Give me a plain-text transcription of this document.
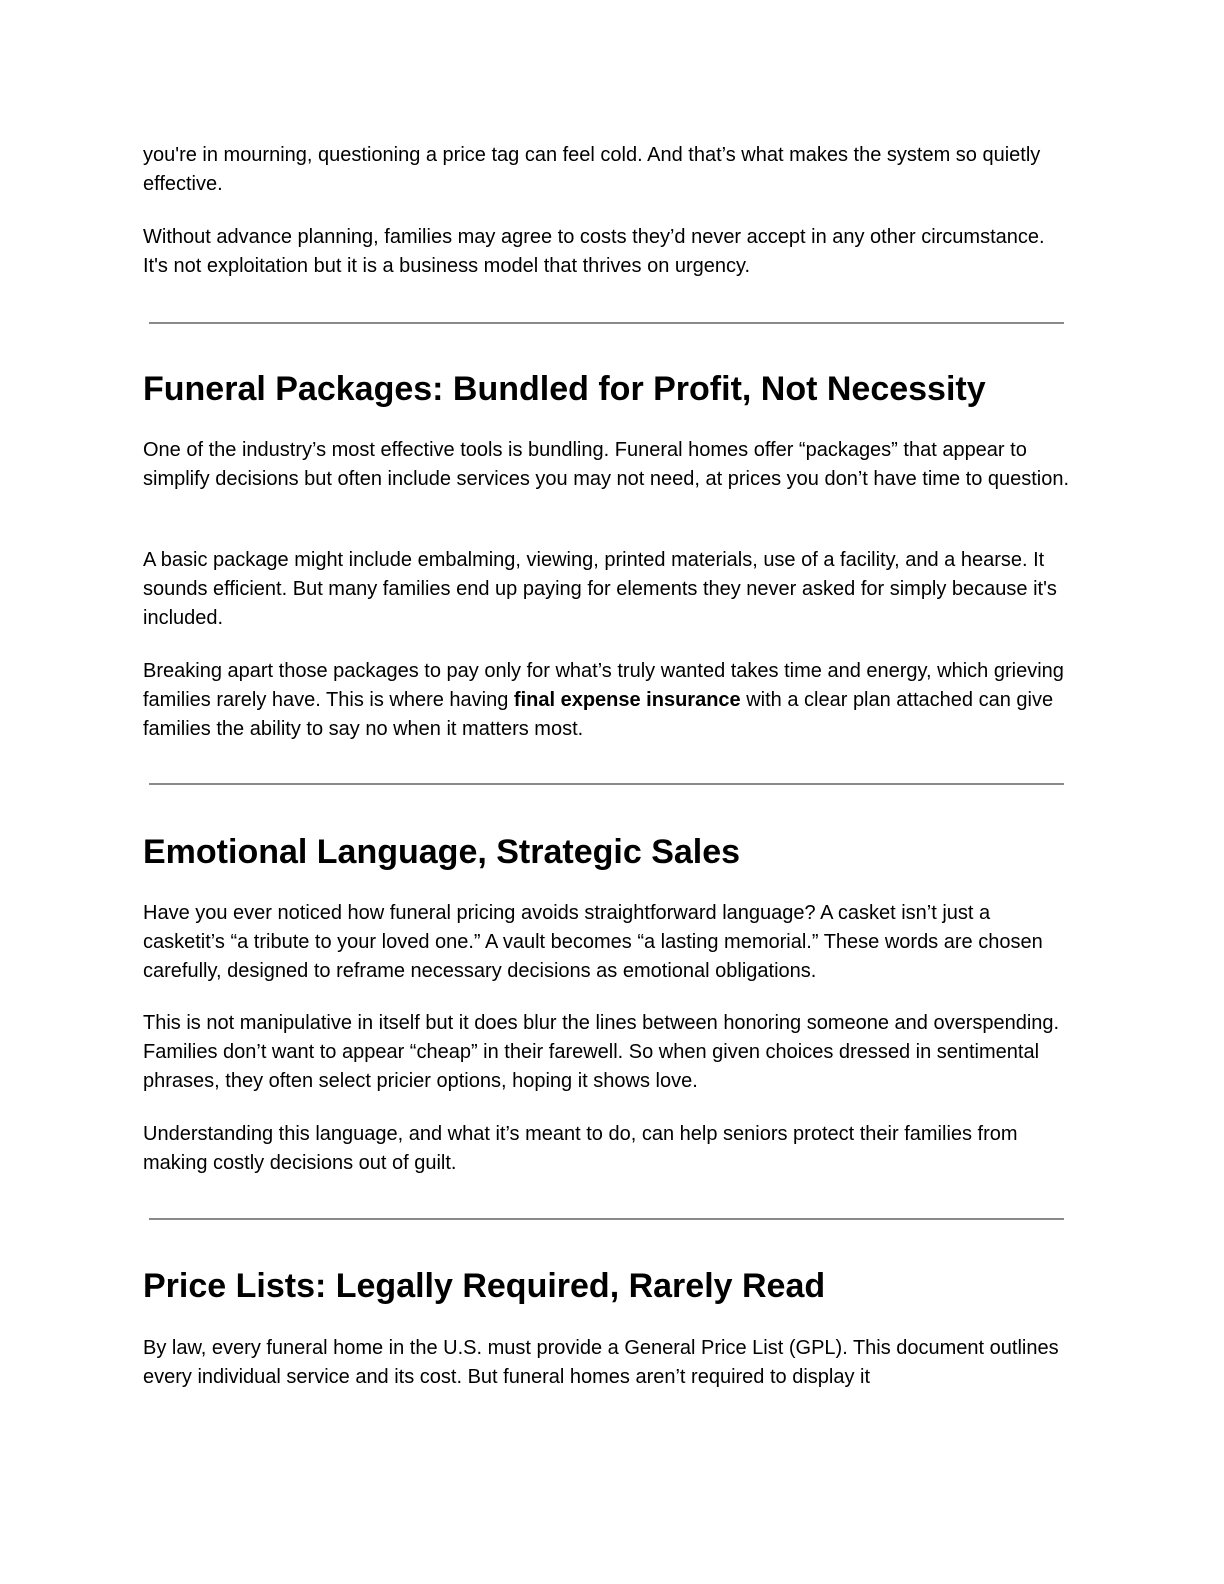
you're in mourning, questioning a price tag can feel cold. And that’s what makes the system so quietly effective.

Without advance planning, families may agree to costs they’d never accept in any other circumstance. It's not exploitation but it is a business model that thrives on urgency.

Funeral Packages: Bundled for Profit, Not Necessity

One of the industry’s most effective tools is bundling. Funeral homes offer “packages” that appear to simplify decisions but often include services you may not need, at prices you don’t have time to question.

A basic package might include embalming, viewing, printed materials, use of a facility, and a hearse. It sounds efficient. But many families end up paying for elements they never asked for simply because it's included.

Breaking apart those packages to pay only for what’s truly wanted takes time and energy, which grieving families rarely have. This is where having final expense insurance with a clear plan attached can give families the ability to say no when it matters most.

Emotional Language, Strategic Sales

Have you ever noticed how funeral pricing avoids straightforward language? A casket isn’t just a casketit’s “a tribute to your loved one.” A vault becomes “a lasting memorial.” These words are chosen carefully, designed to reframe necessary decisions as emotional obligations.

This is not manipulative in itself but it does blur the lines between honoring someone and overspending. Families don’t want to appear “cheap” in their farewell. So when given choices dressed in sentimental phrases, they often select pricier options, hoping it shows love.

Understanding this language, and what it’s meant to do, can help seniors protect their families from making costly decisions out of guilt.

Price Lists: Legally Required, Rarely Read

By law, every funeral home in the U.S. must provide a General Price List (GPL). This document outlines every individual service and its cost. But funeral homes aren’t required to display it
